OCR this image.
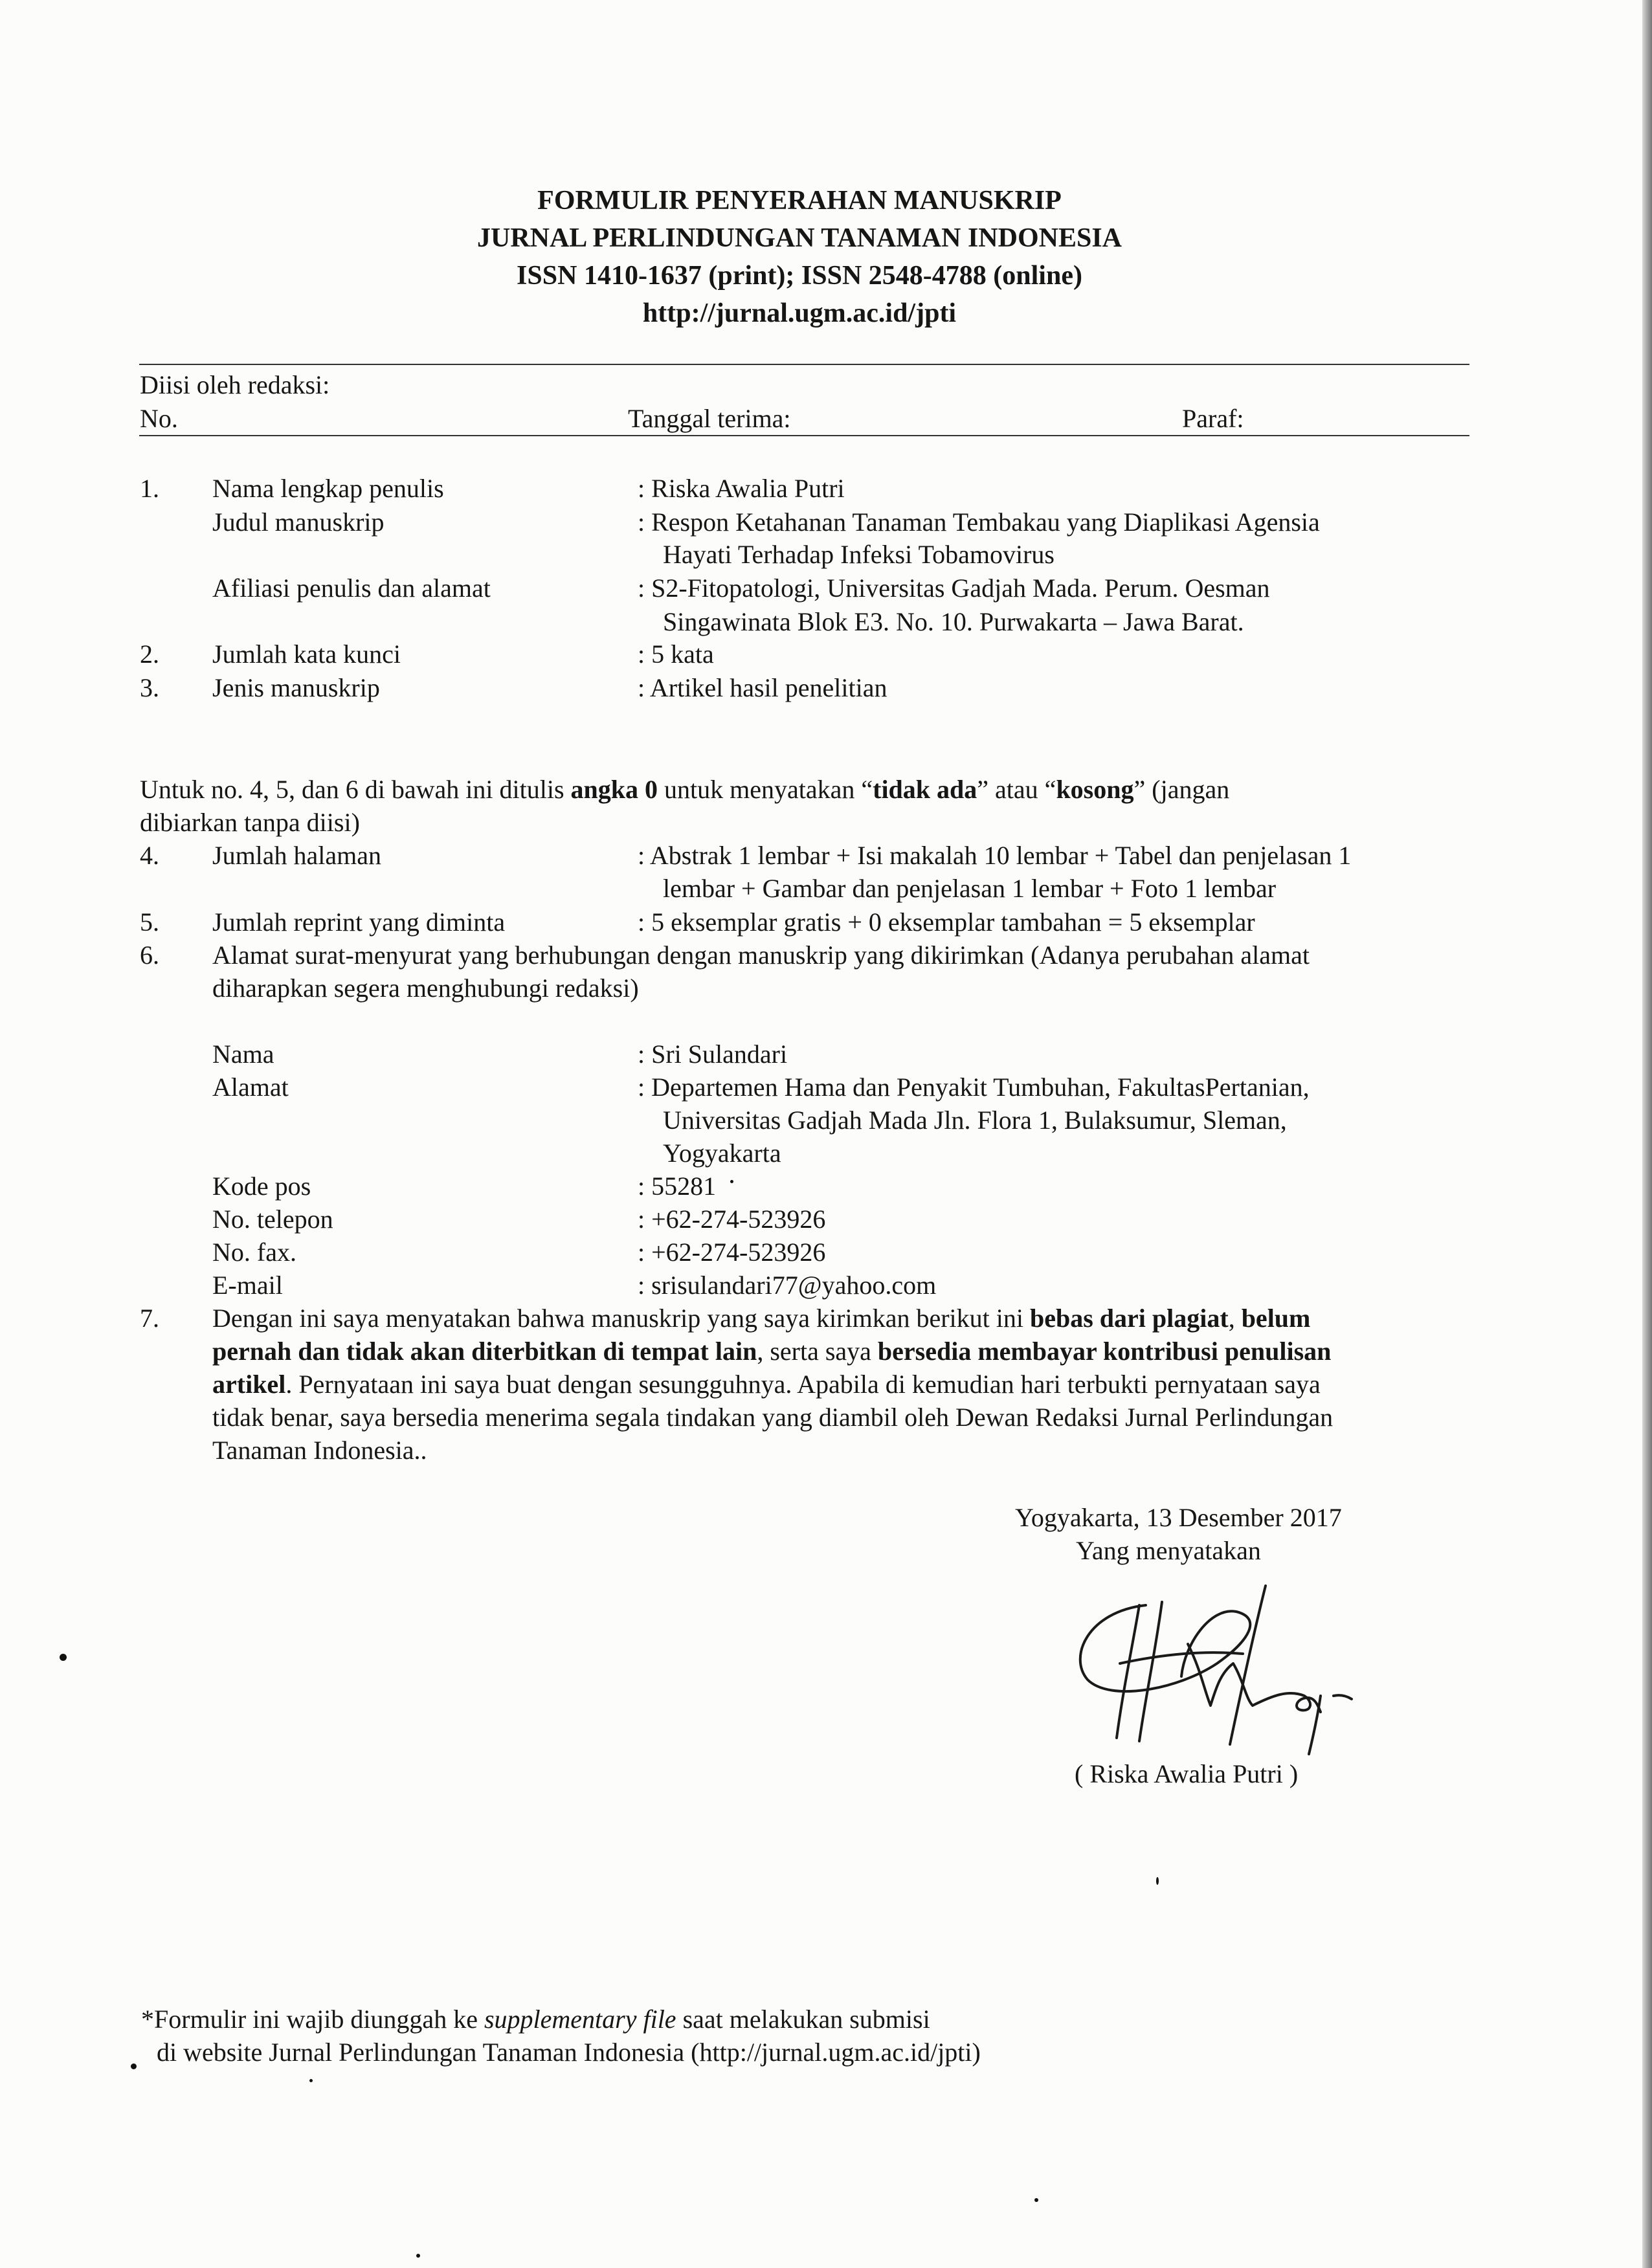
FORMULIR PENYERAHAN MANUSKRIP
JURNAL PERLINDUNGAN TANAMAN INDONESIA
ISSN 1410-1637 (print); ISSN 2548-4788 (online)
http://jurnal.ugm.ac.id/jpti
Diisi oleh redaksi:
No.	Tanggal terima:	Paraf:
1. Nama lengkap penulis	: Riska Awalia Putri
Judul manuskrip	: Respon Ketahanan Tanaman Tembakau yang Diaplikasi Agensia
Hayati Terhadap Infeksi Tobamovirus
Afiliasi penulis dan alamat	: S2-Fitopatologi, Universitas Gadjah Mada. Perum. Oesman
Singawinata Blok E3. No. 10. Purwakarta – Jawa Barat.
2. Jumlah kata kunci	: 5 kata
3. Jenis manuskrip	: Artikel hasil penelitian
Untuk no. 4, 5, dan 6 di bawah ini ditulis angka 0 untuk menyatakan “tidak ada” atau “kosong” (jangan
dibiarkan tanpa diisi)
4. Jumlah halaman	: Abstrak 1 lembar + Isi makalah 10 lembar + Tabel dan penjelasan 1
lembar + Gambar dan penjelasan 1 lembar + Foto 1 lembar
5. Jumlah reprint yang diminta	: 5 eksemplar gratis + 0 eksemplar tambahan = 5 eksemplar
6. Alamat surat-menyurat yang berhubungan dengan manuskrip yang dikirimkan (Adanya perubahan alamat
diharapkan segera menghubungi redaksi)
Nama	: Sri Sulandari
Alamat	: Departemen Hama dan Penyakit Tumbuhan, FakultasPertanian,
Universitas Gadjah Mada Jln. Flora 1, Bulaksumur, Sleman,
Yogyakarta
Kode pos	: 55281
No. telepon	: +62-274-523926
No. fax.	: +62-274-523926
E-mail	: srisulandari77@yahoo.com
7. Dengan ini saya menyatakan bahwa manuskrip yang saya kirimkan berikut ini bebas dari plagiat, belum
pernah dan tidak akan diterbitkan di tempat lain, serta saya bersedia membayar kontribusi penulisan
artikel. Pernyataan ini saya buat dengan sesungguhnya. Apabila di kemudian hari terbukti pernyataan saya
tidak benar, saya bersedia menerima segala tindakan yang diambil oleh Dewan Redaksi Jurnal Perlindungan
Tanaman Indonesia..
Yogyakarta, 13 Desember 2017
Yang menyatakan
( Riska Awalia Putri )
*Formulir ini wajib diunggah ke supplementary file saat melakukan submisi
di website Jurnal Perlindungan Tanaman Indonesia (http://jurnal.ugm.ac.id/jpti)
